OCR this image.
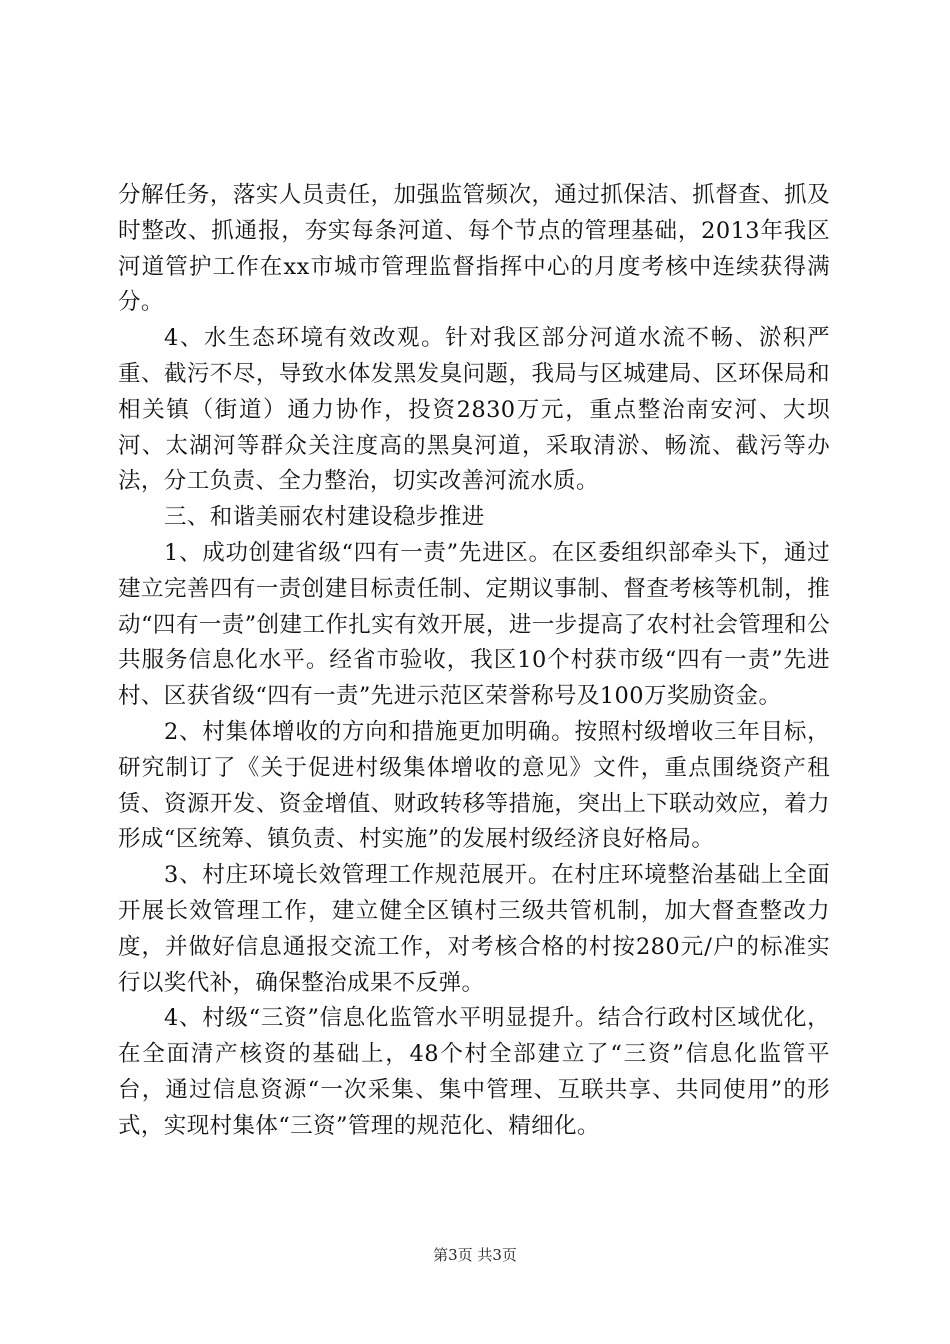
分解任务，落实人员责任，加强监管频次，通过抓保洁、抓督查、抓及时整改、抓通报，夯实每条河道、每个节点的管理基础，2013年我区河道管护工作在xx市城市管理监督指挥中心的月度考核中连续获得满分。

4、水生态环境有效改观。针对我区部分河道水流不畅、淤积严重、截污不尽，导致水体发黑发臭问题，我局与区城建局、区环保局和相关镇（街道）通力协作，投资2830万元，重点整治南安河、大坝河、太湖河等群众关注度高的黑臭河道，采取清淤、畅流、截污等办法，分工负责、全力整治，切实改善河流水质。

三、和谐美丽农村建设稳步推进

1、成功创建省级“四有一责”先进区。在区委组织部牵头下，通过建立完善四有一责创建目标责任制、定期议事制、督查考核等机制，推动“四有一责”创建工作扎实有效开展，进一步提高了农村社会管理和公共服务信息化水平。经省市验收，我区10个村获市级“四有一责”先进村、区获省级“四有一责”先进示范区荣誉称号及100万奖励资金。

2、村集体增收的方向和措施更加明确。按照村级增收三年目标，研究制订了《关于促进村级集体增收的意见》文件，重点围绕资产租赁、资源开发、资金增值、财政转移等措施，突出上下联动效应，着力形成“区统筹、镇负责、村实施”的发展村级经济良好格局。

3、村庄环境长效管理工作规范展开。在村庄环境整治基础上全面开展长效管理工作，建立健全区镇村三级共管机制，加大督查整改力度，并做好信息通报交流工作，对考核合格的村按280元/户的标准实行以奖代补，确保整治成果不反弹。

4、村级“三资”信息化监管水平明显提升。结合行政村区域优化，在全面清产核资的基础上，48个村全部建立了“三资”信息化监管平台，通过信息资源“一次采集、集中管理、互联共享、共同使用”的形式，实现村集体“三资”管理的规范化、精细化。

第3页 共3页
